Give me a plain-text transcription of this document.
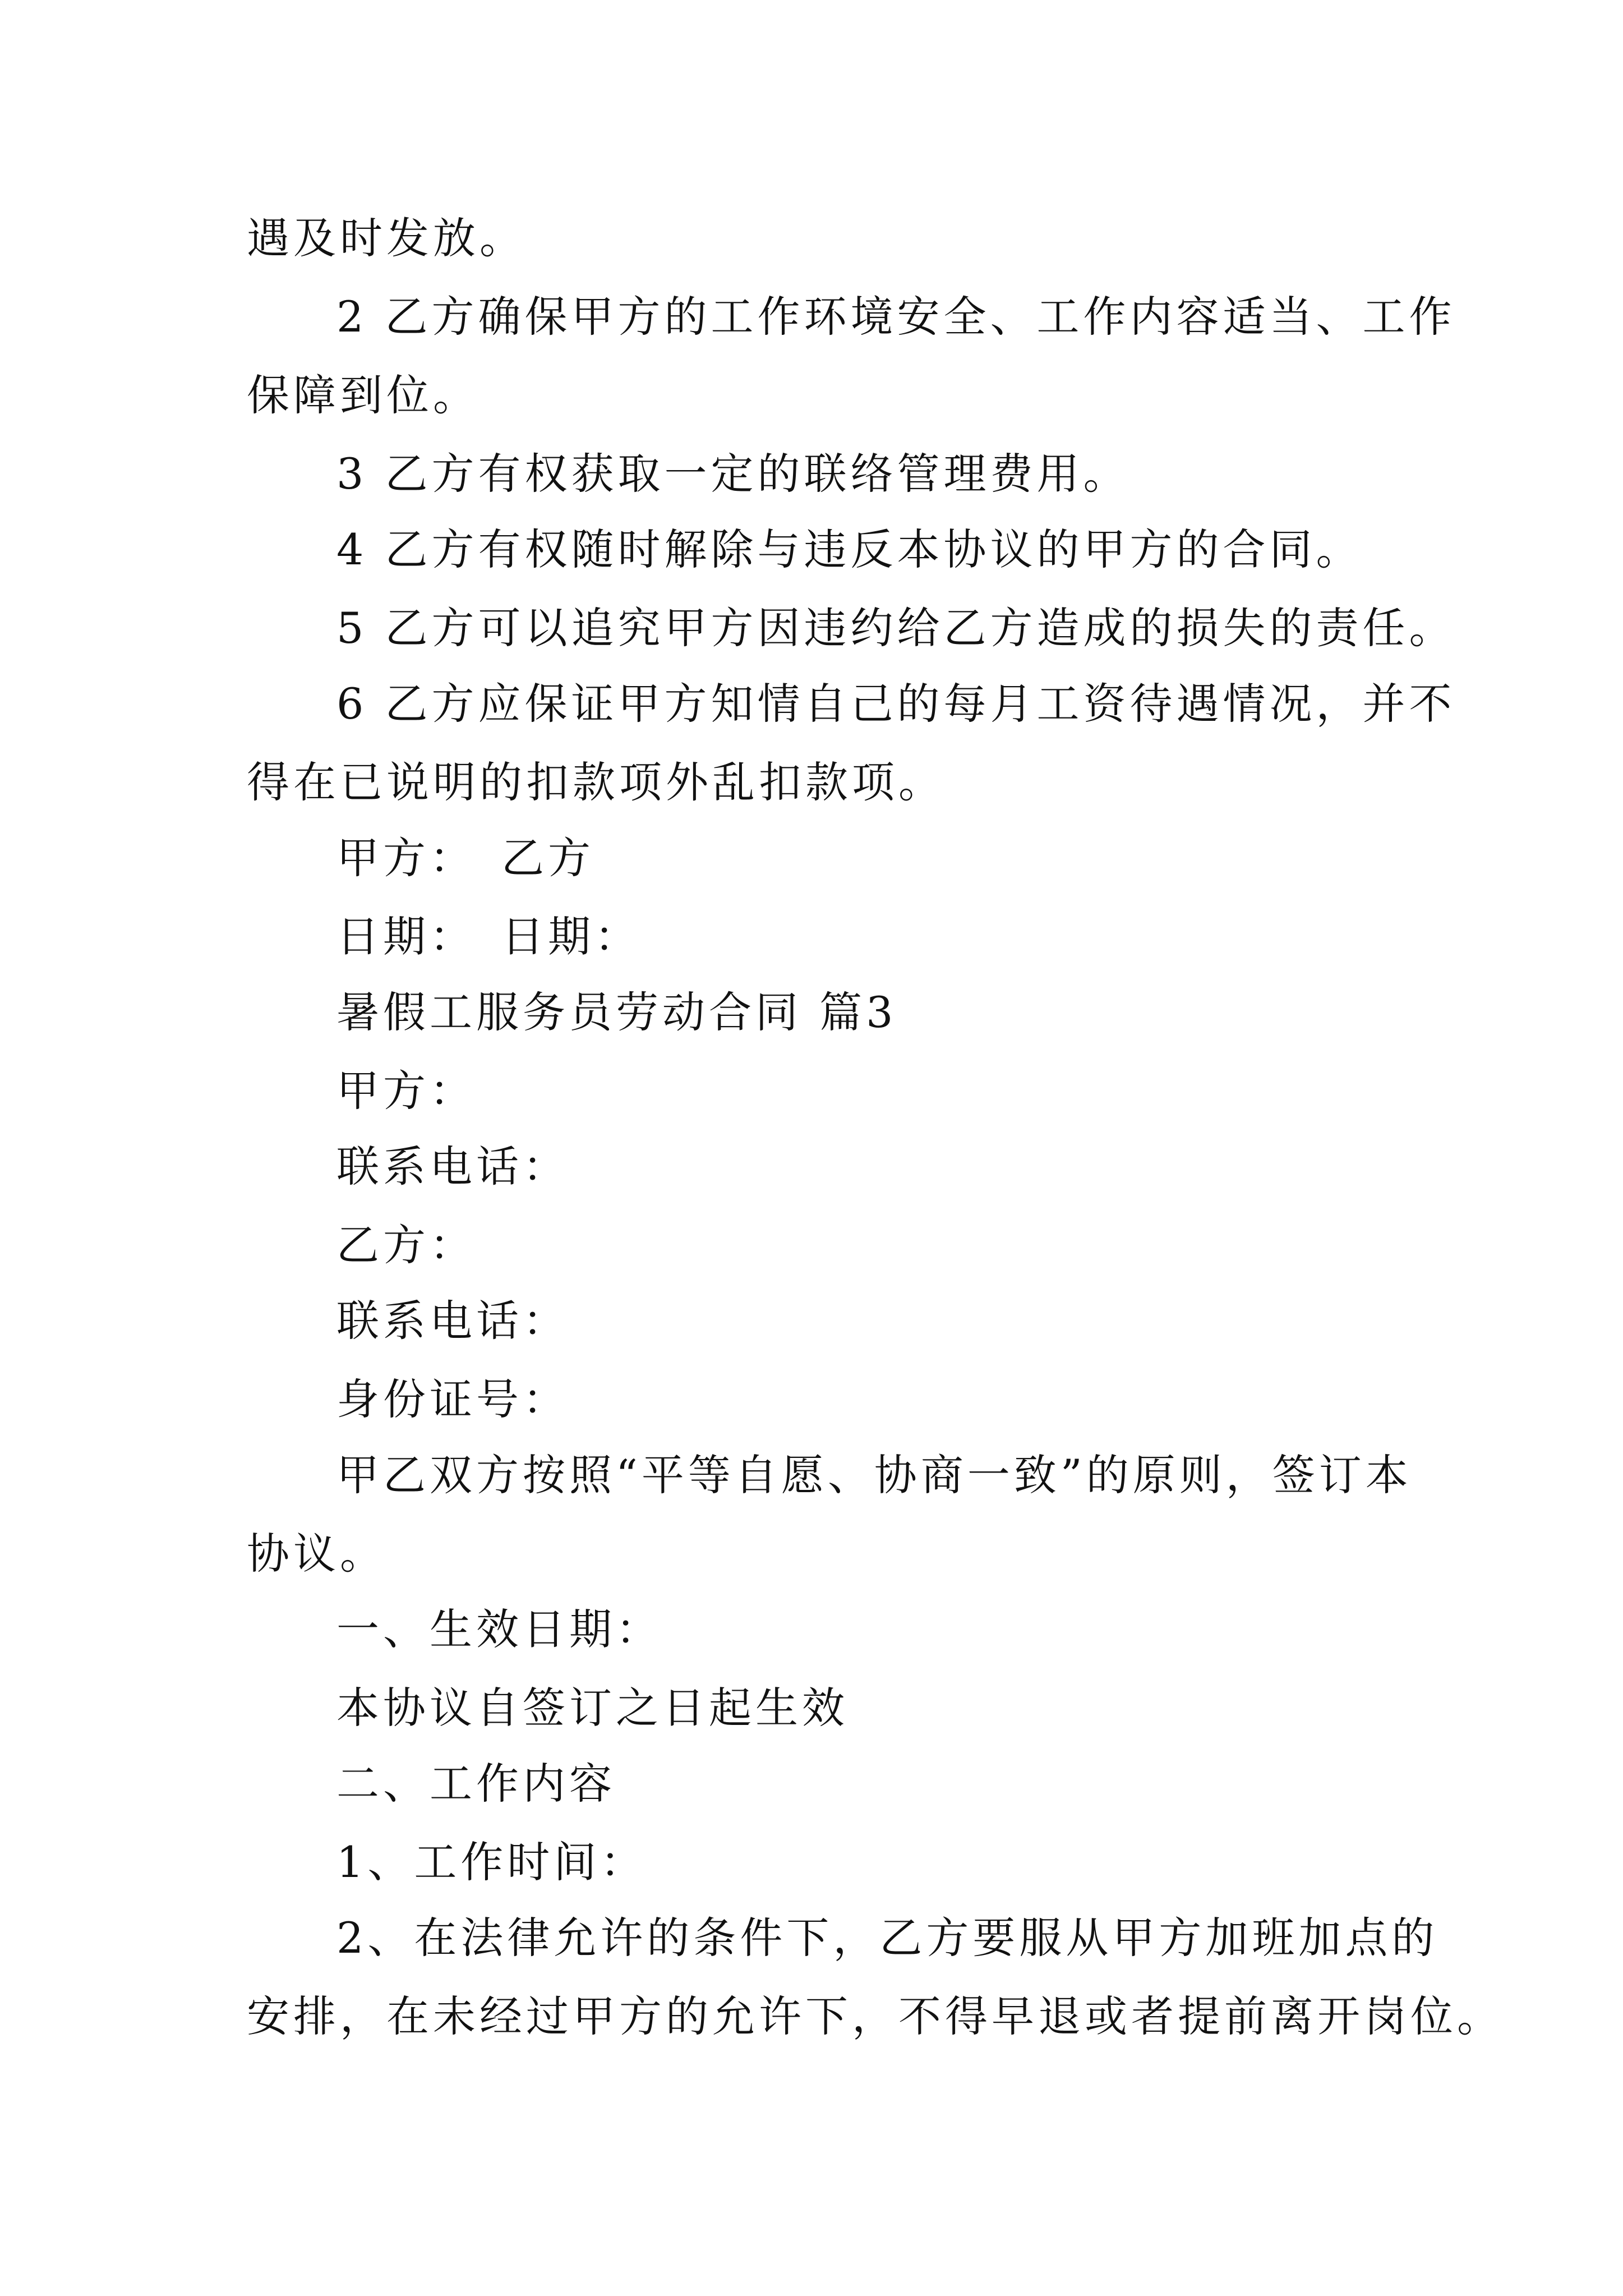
遇及时发放。
2 乙方确保甲方的工作环境安全、工作内容适当、工作
保障到位。
3 乙方有权获取一定的联络管理费用。
4 乙方有权随时解除与违反本协议的甲方的合同。
5 乙方可以追究甲方因违约给乙方造成的损失的责任。
6 乙方应保证甲方知情自己的每月工资待遇情况，并不
得在已说明的扣款项外乱扣款项。
甲方：　乙方
日期：　日期：
暑假工服务员劳动合同 篇3
甲方：
联系电话：
乙方：
联系电话：
身份证号：
甲乙双方按照“平等自愿、协商一致”的原则，签订本
协议。
一、生效日期：
本协议自签订之日起生效
二、工作内容
1、工作时间：
2、在法律允许的条件下，乙方要服从甲方加班加点的
安排，在未经过甲方的允许下，不得早退或者提前离开岗位。
